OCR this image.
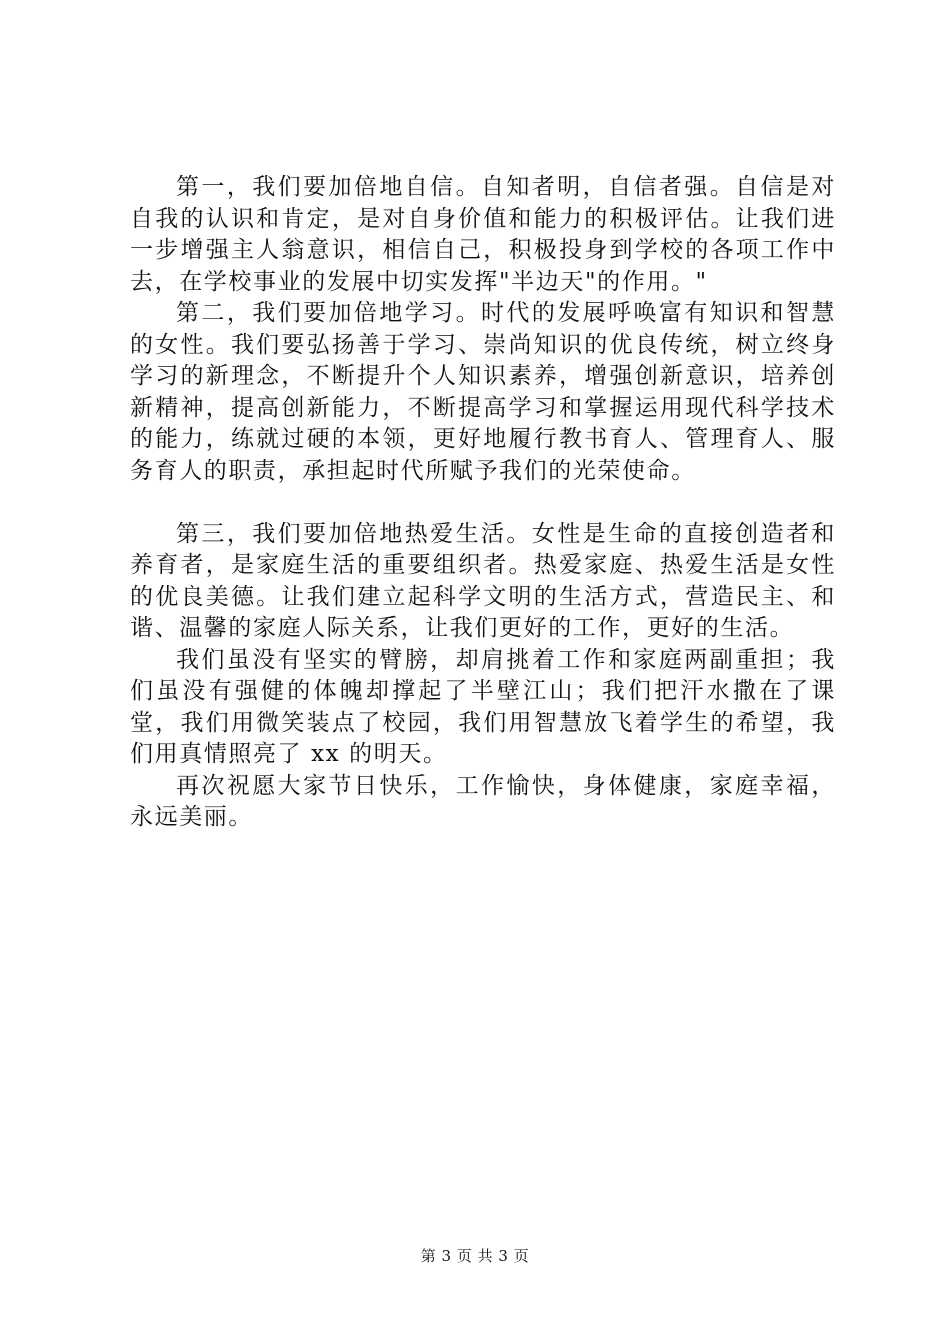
第一，我们要加倍地自信。自知者明，自信者强。自信是对自我的认识和肯定，是对自身价值和能力的积极评估。让我们进一步增强主人翁意识，相信自己，积极投身到学校的各项工作中去，在学校事业的发展中切实发挥"半边天"的作用。"

第二，我们要加倍地学习。时代的发展呼唤富有知识和智慧的女性。我们要弘扬善于学习、崇尚知识的优良传统，树立终身学习的新理念，不断提升个人知识素养，增强创新意识，培养创新精神，提高创新能力，不断提高学习和掌握运用现代科学技术的能力，练就过硬的本领，更好地履行教书育人、管理育人、服务育人的职责，承担起时代所赋予我们的光荣使命。

第三，我们要加倍地热爱生活。女性是生命的直接创造者和养育者，是家庭生活的重要组织者。热爱家庭、热爱生活是女性的优良美德。让我们建立起科学文明的生活方式，营造民主、和谐、温馨的家庭人际关系，让我们更好的工作，更好的生活。

我们虽没有坚实的臂膀，却肩挑着工作和家庭两副重担；我们虽没有强健的体魄却撑起了半壁江山；我们把汗水撒在了课堂，我们用微笑装点了校园，我们用智慧放飞着学生的希望，我们用真情照亮了 xx 的明天。

再次祝愿大家节日快乐，工作愉快，身体健康，家庭幸福，永远美丽。

第 3 页 共 3 页
